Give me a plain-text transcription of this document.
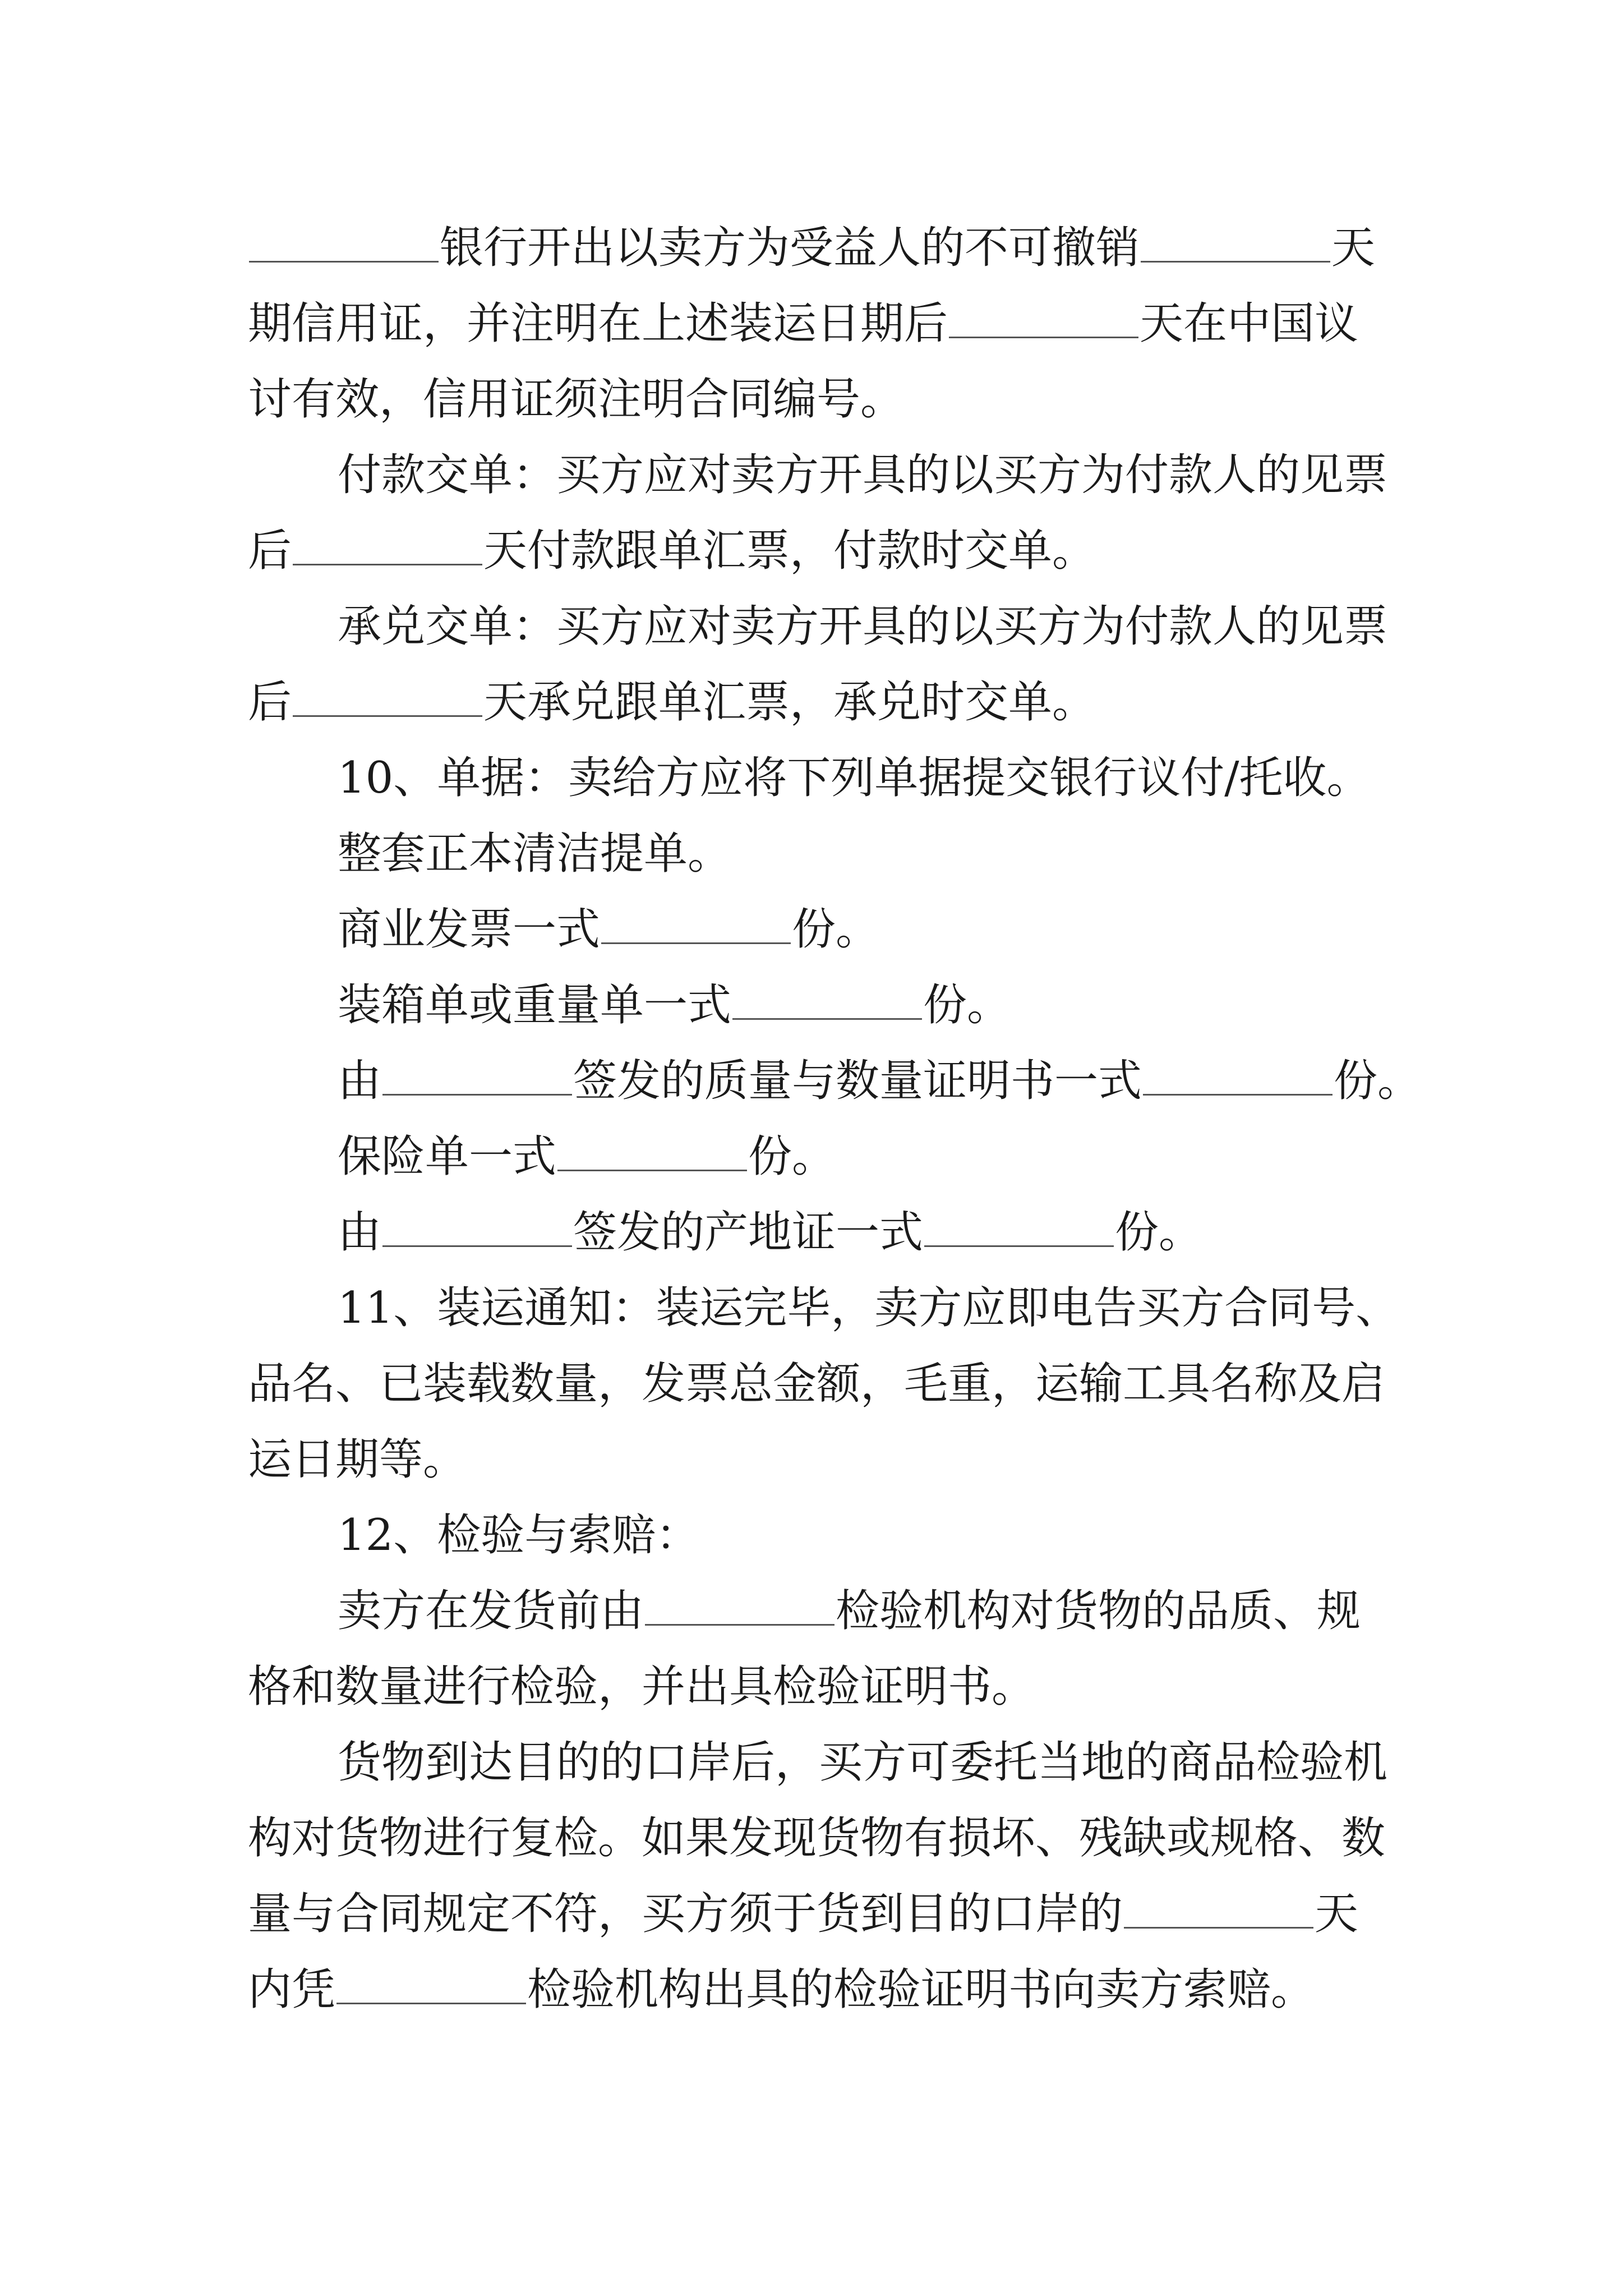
银行开出以卖方为受益人的不可撤销	天

期信用证，并注明在上述装运日期后	天在中国议

讨有效，信用证须注明合同编号。

付款交单：买方应对卖方开具的以买方为付款人的见票

后	天付款跟单汇票，付款时交单。

承兑交单：买方应对卖方开具的以买方为付款人的见票

后	天承兑跟单汇票，承兑时交单。

10、单据：卖给方应将下列单据提交银行议付/托收。

整套正本清洁提单。

商业发票一式	份。

装箱单或重量单一式	份。

由	签发的质量与数量证明书一式	份。

保险单一式	份。

由	签发的产地证一式	份。

11、装运通知：装运完毕，卖方应即电告买方合同号、

品名、已装载数量，发票总金额，毛重，运输工具名称及启

运日期等。

12、检验与索赔：

卖方在发货前由	检验机构对货物的品质、规

格和数量进行检验，并出具检验证明书。

货物到达目的的口岸后，买方可委托当地的商品检验机

构对货物进行复检。如果发现货物有损坏、残缺或规格、数

量与合同规定不符，买方须于货到目的口岸的	天

内凭	检验机构出具的检验证明书向卖方索赔。
